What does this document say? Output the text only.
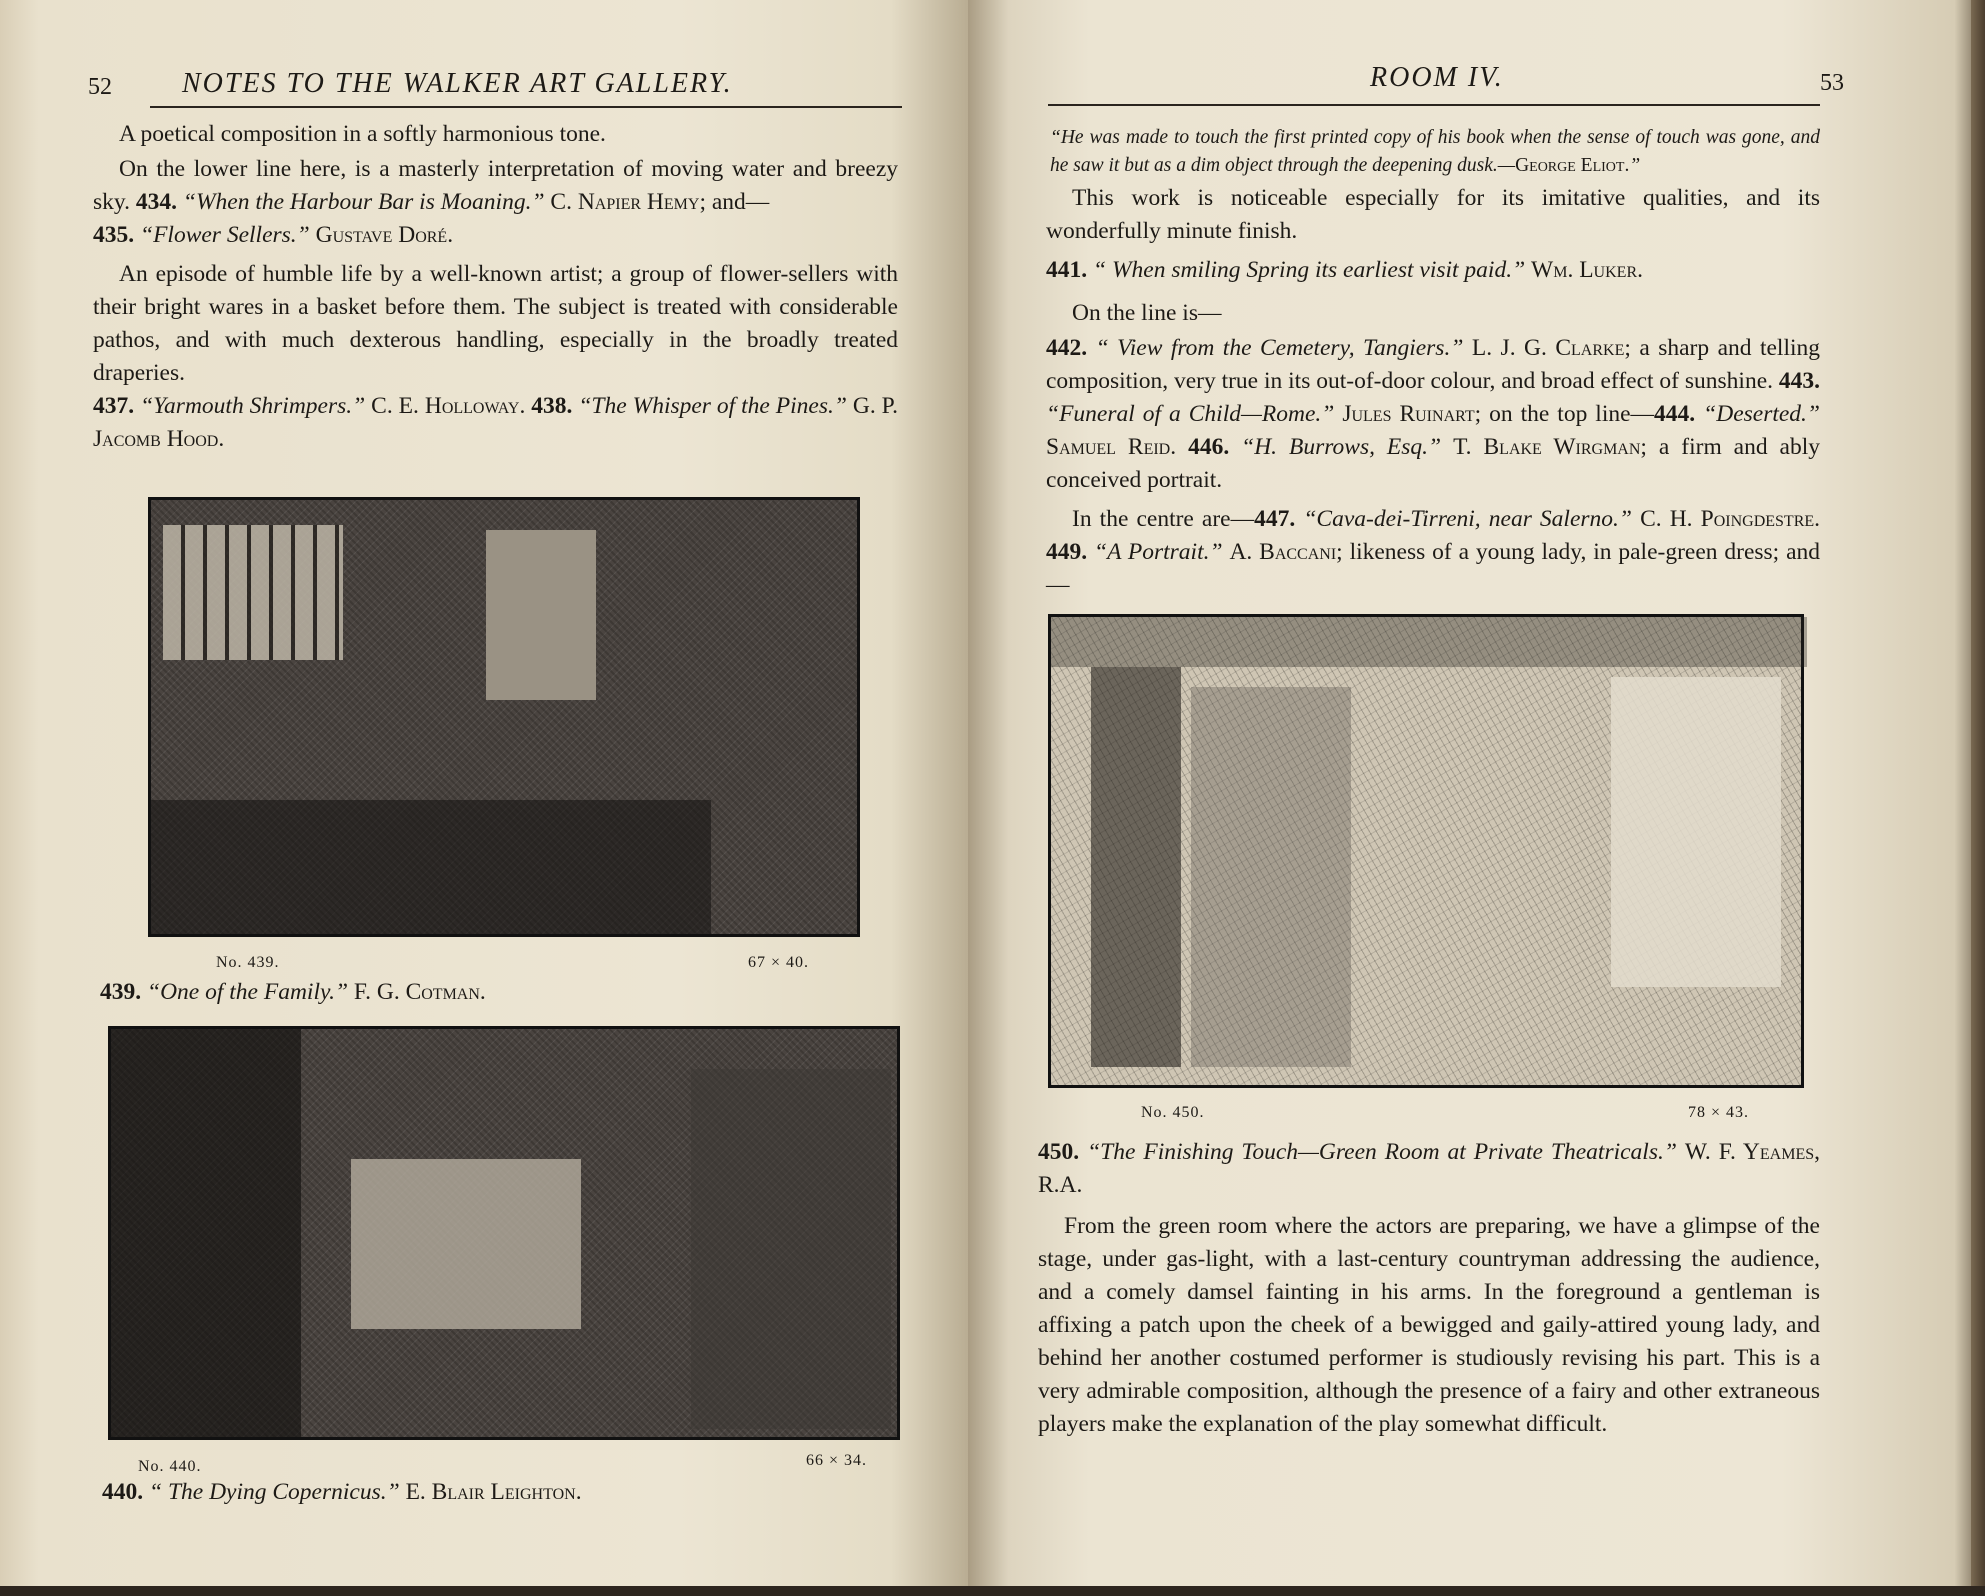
52	NOTES TO THE WALKER ART GALLERY.

A poetical composition in a softly harmonious tone.

On the lower line here, is a masterly interpretation of moving water and breezy sky. 434. “When the Harbour Bar is Moaning.” C. Napier Hemy; and—

435. “Flower Sellers.” Gustave Doré.

An episode of humble life by a well-known artist; a group of flower-sellers with their bright wares in a basket before them. The subject is treated with considerable pathos, and with much dexterous handling, especially in the broadly treated draperies.

437. “Yarmouth Shrimpers.” C. E. Holloway. 438. “The Whisper of the Pines.” G. P. Jacomb Hood.

No. 439.	67 × 40.
439. “One of the Family.” F. G. Cotman.
No. 440.	66 × 34.
440. “ The Dying Copernicus.” E. Blair Leighton.
ROOM IV.	53
“He was made to touch the first printed copy of his book when the sense of touch was gone, and he saw it but as a dim object through the deepening dusk.—George Eliot.”

This work is noticeable especially for its imitative qualities, and its wonderfully minute finish.

441. “ When smiling Spring its earliest visit paid.” Wm. Luker.

On the line is—

442. “ View from the Cemetery, Tangiers.” L. J. G. Clarke; a sharp and telling composition, very true in its out-of-door colour, and broad effect of sunshine. 443. “Funeral of a Child—Rome.” Jules Ruinart; on the top line—444. “Deserted.” Samuel Reid. 446. “H. Burrows, Esq.” T. Blake Wirgman; a firm and ably conceived portrait.

In the centre are—447. “Cava-dei-Tirreni, near Salerno.” C. H. Poingdestre. 449. “A Portrait.” A. Baccani; likeness of a young lady, in pale-green dress; and—

No. 450.	78 × 43.

450. “The Finishing Touch—Green Room at Private Theatricals.” W. F. Yeames, R.A.

From the green room where the actors are preparing, we have a glimpse of the stage, under gas-light, with a last-century countryman addressing the audience, and a comely damsel fainting in his arms. In the foreground a gentleman is affixing a patch upon the cheek of a bewigged and gaily-attired young lady, and behind her another costumed performer is studiously revising his part. This is a very admirable composition, although the presence of a fairy and other extraneous players make the explanation of the play somewhat difficult.
